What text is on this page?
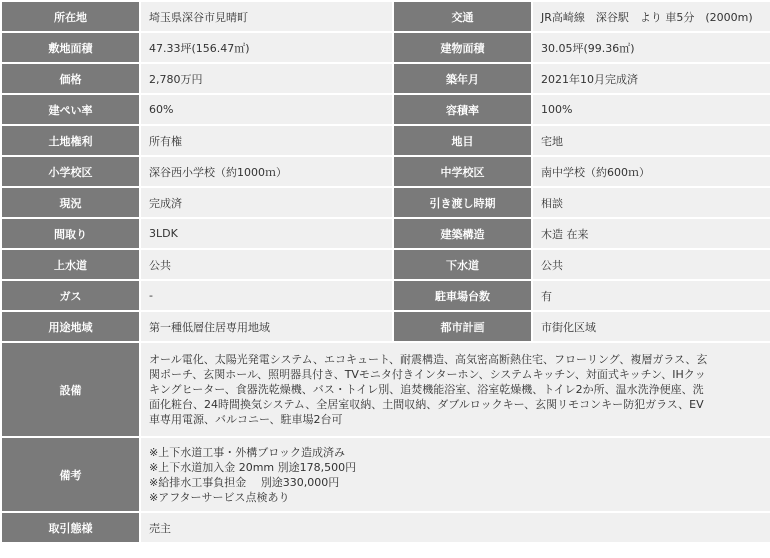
所在地	埼玉県深谷市見晴町	交通	JR高崎線　深谷駅　より 車5分　(2000m)
敷地面積	47.33坪(156.47㎡)	建物面積	30.05坪(99.36㎡)
価格	2,780万円	築年月	2021年10月完成済
建ぺい率	60%	容積率	100%
土地権利	所有権	地目	宅地
小学校区	深谷西小学校（約1000ｍ）	中学校区	南中学校（約600ｍ）
現況	完成済	引き渡し時期	相談
間取り	3LDK	建築構造	木造 在来
上水道	公共	下水道	公共
ガス	-	駐車場台数	有
用途地域	第一種低層住居専用地域	都市計画	市街化区域
設備	オール電化、太陽光発電システム、エコキュート、耐震構造、高気密高断熱住宅、フローリング、複層ガラス、玄
関ポーチ、玄関ホール、照明器具付き、TVモニタ付きインターホン、システムキッチン、対面式キッチン、IHクッ
キングヒーター、食器洗乾燥機、バス・トイレ別、追焚機能浴室、浴室乾燥機、トイレ2か所、温水洗浄便座、洗
面化粧台、24時間換気システム、全居室収納、土間収納、ダブルロックキー、玄関リモコンキー防犯ガラス、EV
車専用電源、バルコニー、駐車場2台可		

備考	※上下水道工事・外構ブロック造成済み
※上下水道加入金 20mm 別途178,500円
※給排水工事負担金　 別途330,000円
※アフターサービス点検あり		

取引態様	売主		
